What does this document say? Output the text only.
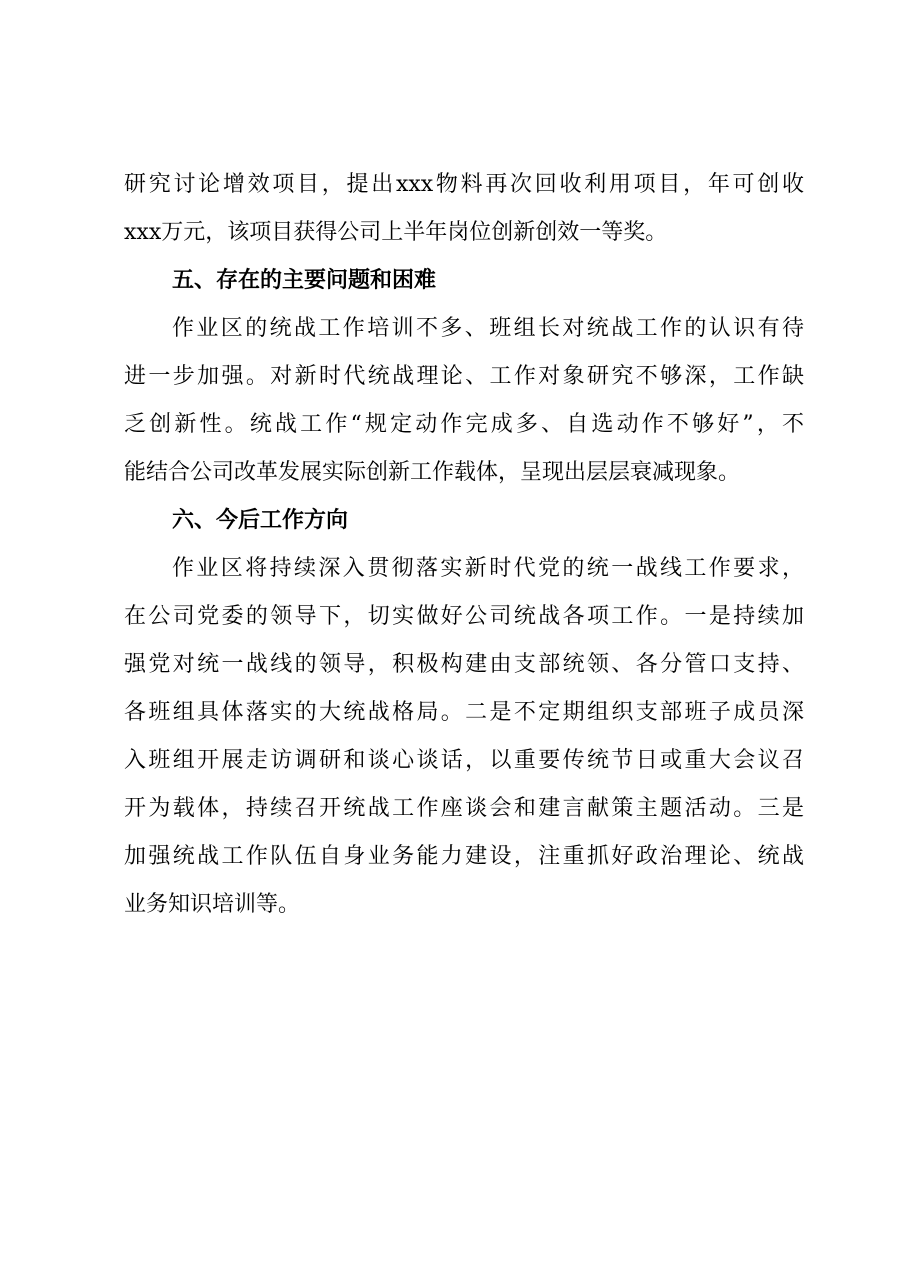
研究讨论增效项目，提出xxx物料再次回收利用项目，年可创收
xxx万元，该项目获得公司上半年岗位创新创效一等奖。
五、存在的主要问题和困难
作业区的统战工作培训不多、班组长对统战工作的认识有待
进一步加强。对新时代统战理论、工作对象研究不够深，工作缺
乏创新性。统战工作“规定动作完成多、自选动作不够好”，不
能结合公司改革发展实际创新工作载体，呈现出层层衰减现象。
六、今后工作方向
作业区将持续深入贯彻落实新时代党的统一战线工作要求，
在公司党委的领导下，切实做好公司统战各项工作。一是持续加
强党对统一战线的领导，积极构建由支部统领、各分管口支持、
各班组具体落实的大统战格局。二是不定期组织支部班子成员深
入班组开展走访调研和谈心谈话，以重要传统节日或重大会议召
开为载体，持续召开统战工作座谈会和建言献策主题活动。三是
加强统战工作队伍自身业务能力建设，注重抓好政治理论、统战
业务知识培训等。
